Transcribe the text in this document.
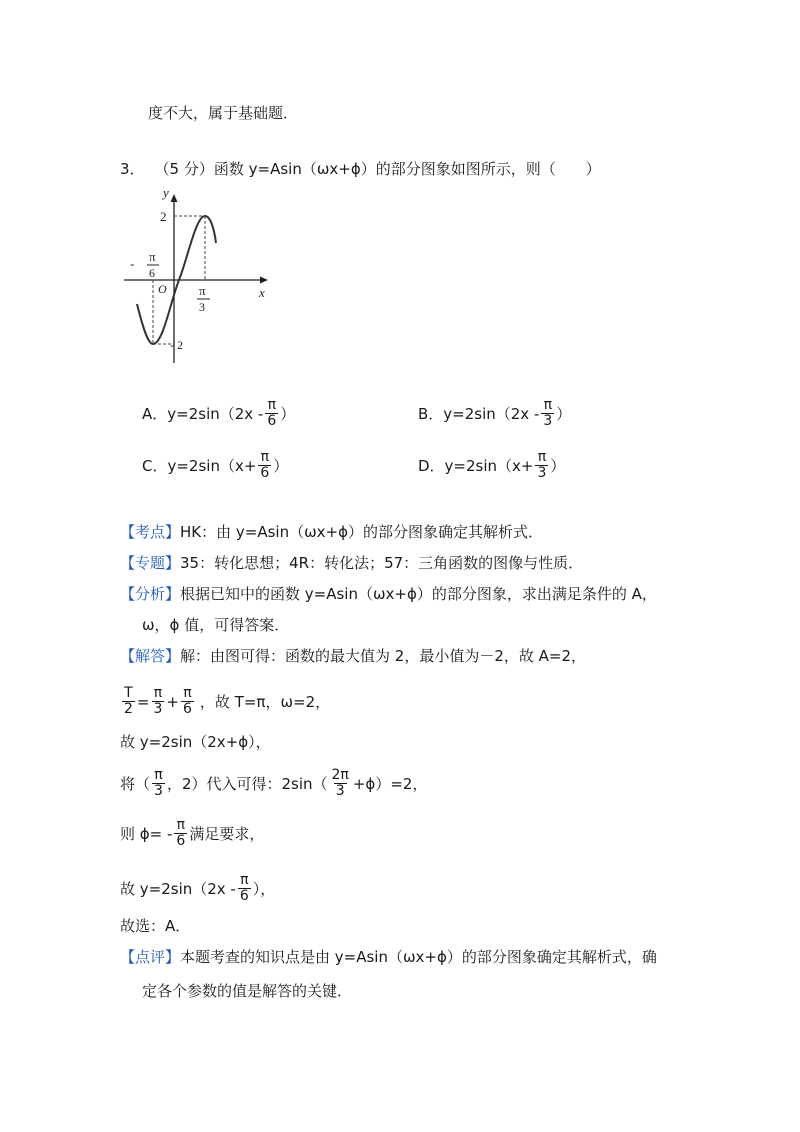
度不大，属于基础题．
3． （5 分）函数 y=Asin（ωx+ϕ）的部分图象如图所示，则（　　）
y
x
O
2
- 2
- π
6
π
3
A．$y=2\sin(2x - \frac{\pi}{6}$ ）	B．$y=2\sin(2x - \frac{\pi}{3}$ ）
C．$y=2\sin(x+ \frac{\pi}{6}$ ）	D．$y=2\sin(x+ \frac{\pi}{3}$ ）
【考点】 HK：由 y=Asin（ωx+ϕ）的部分图象确定其解析式．
【专题】 35：转化思想；4R：转化法；57：三角函数的图像与性质．
【分析】 根据已知中的函数 y=Asin（ωx+ϕ）的部分图象，求出满足条件的 A，
ω，ϕ 值，可得答案．
【解答】 解：由图可得：函数的最大值为 2，最小值为－2，故 A=2，
$\frac{T}{2} = \frac{\pi}{3} + \frac{\pi}{6}$ ，故 T=π，ω=2，
故 y=2sin（2x+ϕ），
将（ $\frac{\pi}{3}$ ，2）代入可得：$2\sin( \frac{2\pi}{3} +\phi)=2$，
则 $\phi= - \frac{\pi}{6}$ 满足要求，
故 $y=2\sin(2x - \frac{\pi}{6}$ ），
故选：A．
【点评】 本题考查的知识点是由 y=Asin（ωx+ϕ）的部分图象确定其解析式，确
定各个参数的值是解答的关键．
